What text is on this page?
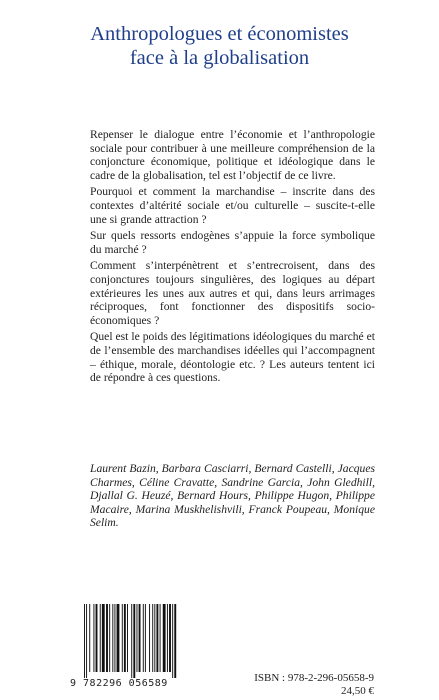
Anthropologues et économistes
face à la globalisation

Repenser le dialogue entre l’économie et l’anthropologie sociale pour contribuer à une meilleure compréhension de la conjoncture économique, politique et idéologique dans le cadre de la globalisation, tel est l’objectif de ce livre.

Pourquoi et comment la marchandise – inscrite dans des contextes d’altérité sociale et/ou culturelle – suscite-t-elle une si grande attraction ?

Sur quels ressorts endogènes s’appuie la force symbolique du marché ?

Comment s’interpénètrent et s’entrecroisent, dans des conjonctures toujours singulières, des logiques au départ extérieures les unes aux autres et qui, dans leurs arrimages réciproques, font fonctionner des dispositifs socio-économiques ?

Quel est le poids des légitimations idéologiques du marché et de l’ensemble des marchandises idéelles qui l’accompagnent – éthique, morale, déontologie etc. ? Les auteurs tentent ici de répondre à ces questions.

Laurent Bazin, Barbara Casciarri, Bernard Castelli, Jacques Charmes, Céline Cravatte, Sandrine Garcia, John Gledhill, Djallal G. Heuzé, Bernard Hours, Philippe Hugon, Philippe Macaire, Marina Muskhelishvili, Franck Poupeau, Monique Selim.
9 782296 056589	ISBN : 978-2-296-05658-9
24,50 €
